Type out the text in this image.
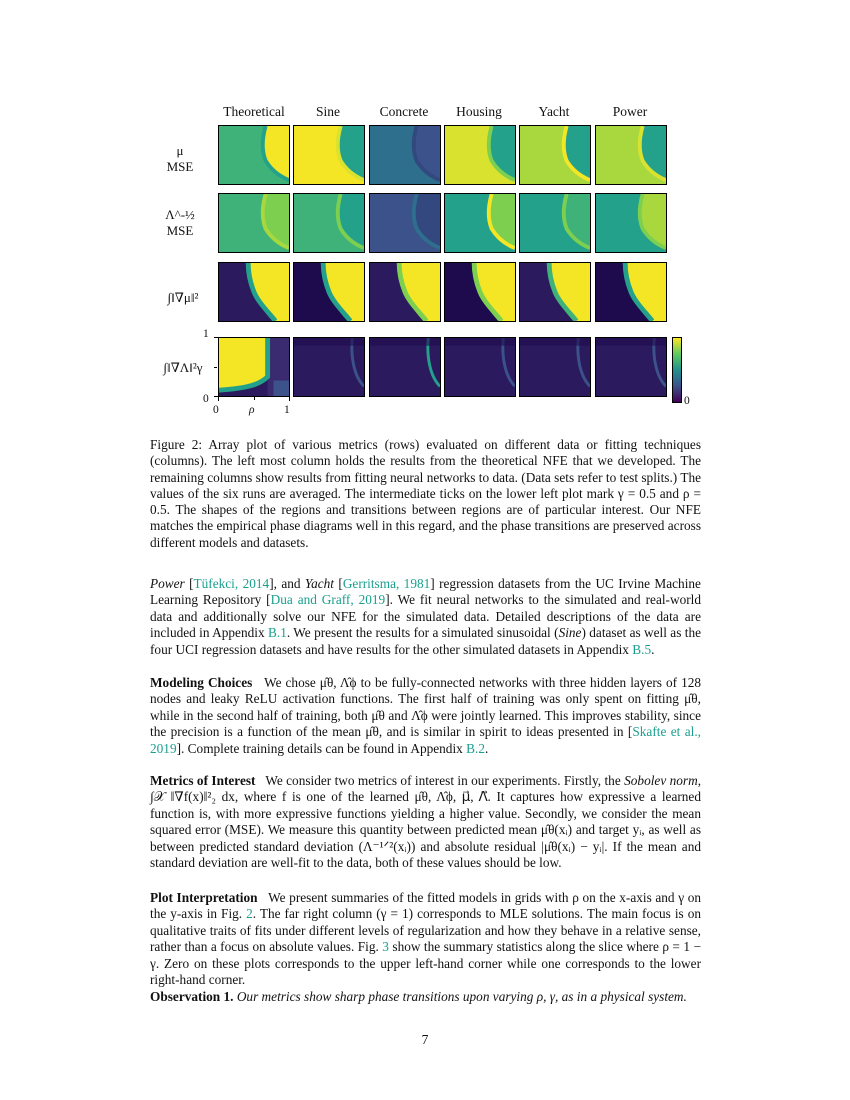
Theoretical	Sine	Concrete	Housing	Yacht	Power
μ
MSE
Λ^-½
MSE
∫‖∇μ‖²
∫‖∇Λ‖²γ
1
0
0	ρ	1
0
Figure 2: Array plot of various metrics (rows) evaluated on different data or fitting techniques (columns). The left most column holds the results from the theoretical NFE that we developed. The remaining columns show results from fitting neural networks to data. (Data sets refer to test splits.) The values of the six runs are averaged. The intermediate ticks on the lower left plot mark γ = 0.5 and ρ = 0.5. The shapes of the regions and transitions between regions are of particular interest. Our NFE matches the empirical phase diagrams well in this regard, and the phase transitions are preserved across different models and datasets.

Power [Tüfekci, 2014], and Yacht [Gerritsma, 1981] regression datasets from the UC Irvine Machine Learning Repository [Dua and Graff, 2019]. We fit neural networks to the simulated and real-world data and additionally solve our NFE for the simulated data. Detailed descriptions of the data are included in Appendix B.1. We present the results for a simulated sinusoidal (Sine) dataset as well as the four UCI regression datasets and have results for the other simulated datasets in Appendix B.5.

Modeling Choices We chose μ̂θ, Λ̂ϕ to be fully-connected networks with three hidden layers of 128 nodes and leaky ReLU activation functions. The first half of training was only spent on fitting μ̂θ, while in the second half of training, both μ̂θ and Λ̂ϕ were jointly learned. This improves stability, since the precision is a function of the mean μ̂θ, and is similar in spirit to ideas presented in [Skafte et al., 2019]. Complete training details can be found in Appendix B.2.

Metrics of Interest We consider two metrics of interest in our experiments. Firstly, the Sobolev norm, ∫𝒳 ‖∇f(x)‖²₂ dx, where f is one of the learned μ̂θ, Λ̂ϕ, μ⃗, Λ⃗. It captures how expressive a learned function is, with more expressive functions yielding a higher value. Secondly, we consider the mean squared error (MSE). We measure this quantity between predicted mean μ̂θ(xᵢ) and target yᵢ, as well as between predicted standard deviation (Λ⁻¹ᐟ²(xᵢ)) and absolute residual |μ̂θ(xᵢ) − yᵢ|. If the mean and standard deviation are well-fit to the data, both of these values should be low.

Plot Interpretation We present summaries of the fitted models in grids with ρ on the x-axis and γ on the y-axis in Fig. 2. The far right column (γ = 1) corresponds to MLE solutions. The main focus is on qualitative traits of fits under different levels of regularization and how they behave in a relative sense, rather than a focus on absolute values. Fig. 3 show the summary statistics along the slice where ρ = 1 − γ. Zero on these plots corresponds to the upper left-hand corner while one corresponds to the lower right-hand corner.

Observation 1. Our metrics show sharp phase transitions upon varying ρ, γ, as in a physical system.

7
